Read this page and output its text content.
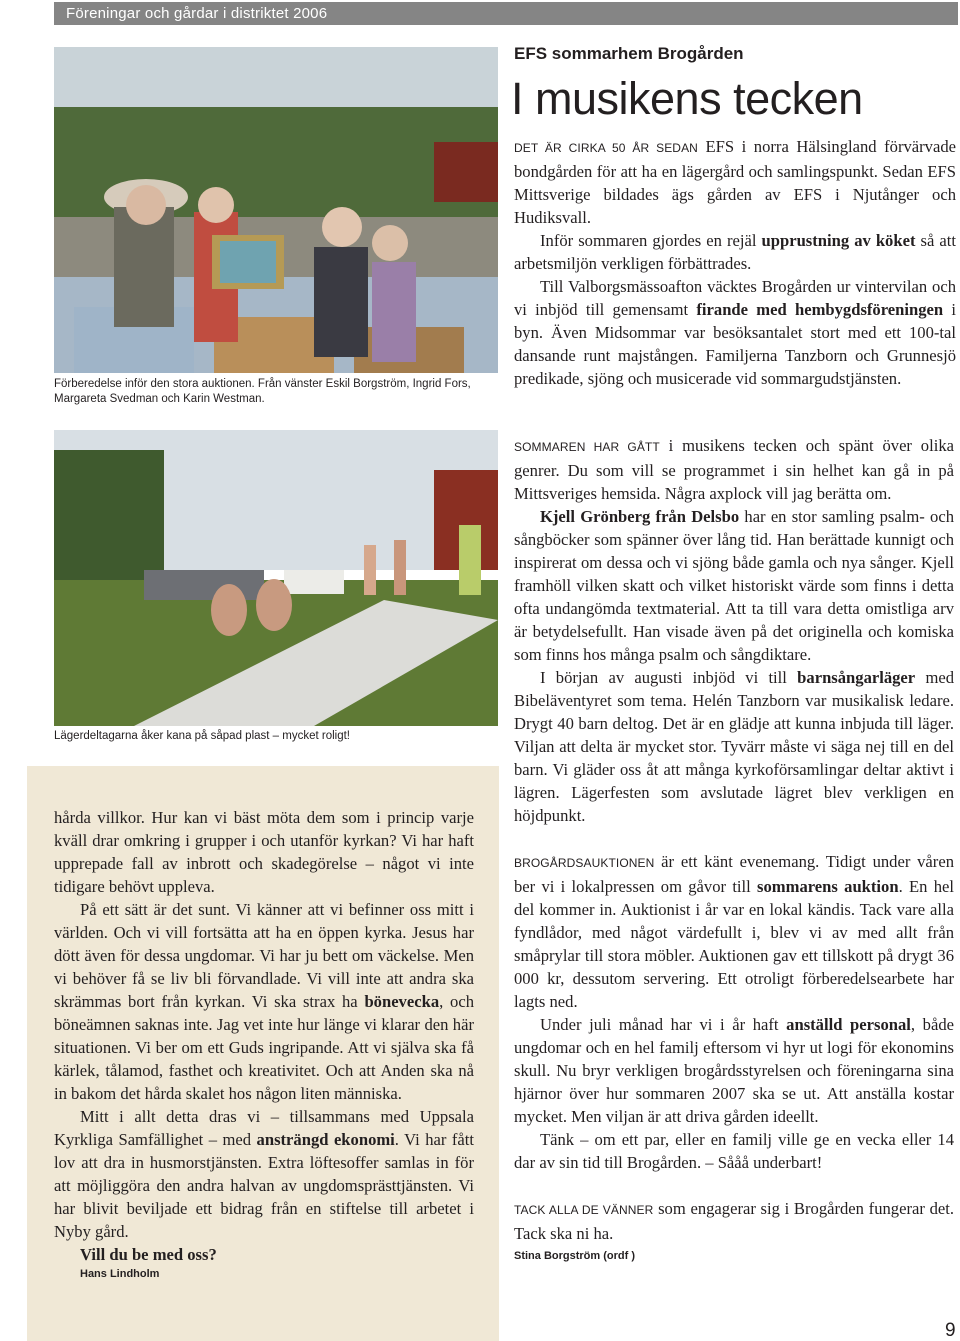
Föreningar och gårdar i distriktet 2006
Förberedelse inför den stora auktionen. Från vänster Eskil Borgström, Ingrid Fors, Margareta Svedman och Karin Westman.
Lägerdeltagarna åker kana på såpad plast – mycket roligt!
EFS sommarhem Brogården
I musikens tecken

DET ÄR CIRKA 50 ÅR SEDAN EFS i norra Hälsingland förvärvade bondgården för att ha en lägergård och samlingspunkt. Sedan EFS Mittsverige bildades ägs gården av EFS i Njutånger och Hudiksvall.

Inför sommaren gjordes en rejäl upprustning av köket så att arbetsmiljön verkligen förbättrades.

Till Valborgsmässoafton väcktes Brogården ur vintervilan och vi inbjöd till gemensamt firande med hembygdsföreningen i byn. Även Midsommar var besöksantalet stort med ett 100-tal dansande runt majstången. Familjerna Tanzborn och Grunnesjö predikade, sjöng och musicerade vid sommargudstjänsten.

SOMMAREN HAR GÅTT i musikens tecken och spänt över olika genrer. Du som vill se programmet i sin helhet kan gå in på Mittsveriges hemsida. Några axplock vill jag berätta om.

Kjell Grönberg från Delsbo har en stor samling psalm- och sångböcker som spänner över lång tid. Han berättade kunnigt och inspirerat om dessa och vi sjöng både gamla och nya sånger. Kjell framhöll vilken skatt och vilket historiskt värde som finns i detta ofta undangömda textmaterial. Att ta till vara detta omistliga arv är betydelsefullt. Han visade även på det originella och komiska som finns hos många psalm och sångdiktare.

I början av augusti inbjöd vi till barnsångarläger med Bibeläventyret som tema. Helén Tanzborn var musikalisk ledare. Drygt 40 barn deltog. Det är en glädje att kunna inbjuda till läger. Viljan att delta är mycket stor. Tyvärr måste vi säga nej till en del barn. Vi gläder oss åt att många kyrkoförsamlingar deltar aktivt i lägren. Lägerfesten som avslutade lägret blev verkligen en höjdpunkt.

BROGÅRDSAUKTIONEN är ett känt evenemang. Tidigt under våren ber vi i lokalpressen om gåvor till sommarens auktion. En hel del kommer in. Auktionist i år var en lokal kändis. Tack vare alla fyndlådor, med något värdefullt i, blev vi av med allt från småprylar till stora möbler. Auktionen gav ett tillskott på drygt 36 000 kr, dessutom servering. Ett otroligt förberedelsearbete har lagts ned.

Under juli månad har vi i år haft anställd personal, både ungdomar och en hel familj eftersom vi hyr ut logi för ekonomins skull. Nu bryr verkligen brogårdsstyrelsen och föreningarna sina hjärnor över hur sommaren 2007 ska se ut. Att anställa kostar mycket. Men viljan är att driva gården ideellt.

Tänk – om ett par, eller en familj ville ge en vecka eller 14 dar av sin tid till Brogården. – Sååå underbart!

TACK ALLA DE VÄNNER som engagerar sig i Brogården fungerar det. Tack ska ni ha.

Stina Borgström (ordf )

hårda villkor. Hur kan vi bäst möta dem som i princip varje kväll drar omkring i grupper i och utanför kyrkan? Vi har haft upprepade fall av inbrott och skadegörelse – något vi inte tidigare behövt uppleva.

På ett sätt är det sunt. Vi känner att vi befinner oss mitt i världen. Och vi vill fortsätta att ha en öppen kyrka. Jesus har dött även för dessa ungdomar. Vi har ju bett om väckelse. Men vi behöver få se liv bli förvandlade. Vi vill inte att andra ska skrämmas bort från kyrkan. Vi ska strax ha bönevecka, och böneämnen saknas inte. Jag vet inte hur länge vi klarar den här situationen. Vi ber om ett Guds ingripande. Att vi själva ska få kärlek, tålamod, fasthet och kreativitet. Och att Anden ska nå in bakom det hårda skalet hos någon liten människa.

Mitt i allt detta dras vi – tillsammans med Uppsala Kyrkliga Samfällighet – med ansträngd ekonomi. Vi har fått lov att dra in husmorstjänsten. Extra löftesoffer samlas in för att möjliggöra den andra halvan av ungdomsprästtjänsten. Vi har blivit beviljade ett bidrag från en stiftelse till arbetet i Nyby gård.

Vill du be med oss?

Hans Lindholm

9
